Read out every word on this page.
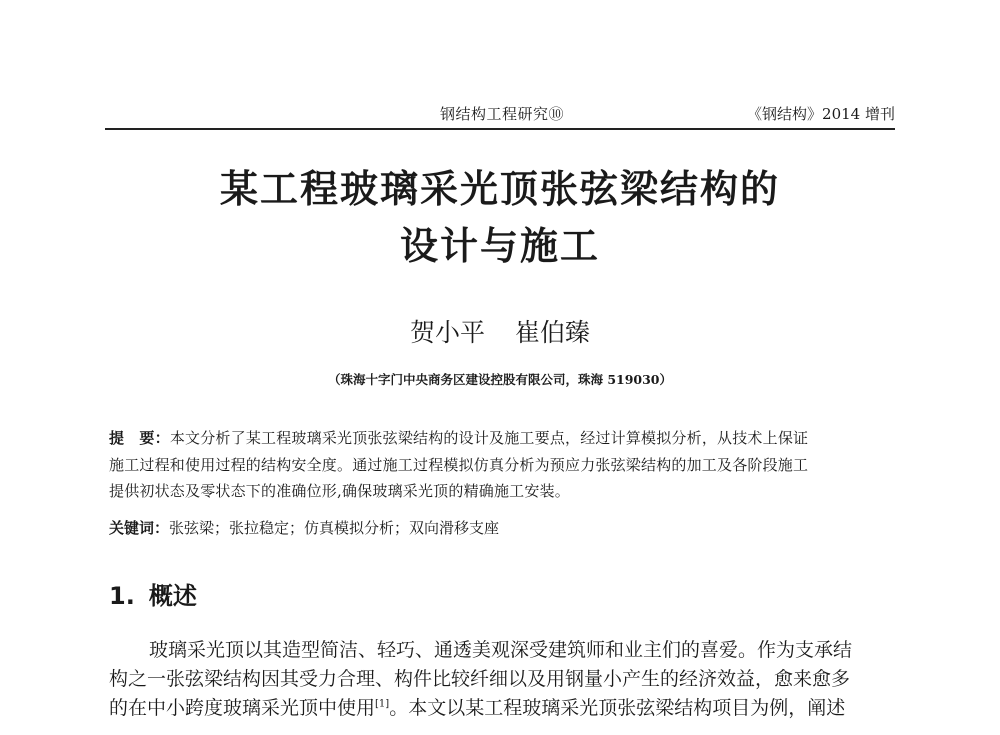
钢结构工程研究⑩	《钢结构》2014 增刊
某工程玻璃采光顶张弦梁结构的
设计与施工
贺小平 崔伯臻
（珠海十字门中央商务区建设控股有限公司，珠海 519030）
提　要：本文分析了某工程玻璃采光顶张弦梁结构的设计及施工要点，经过计算模拟分析，从技术上保证
施工过程和使用过程的结构安全度。通过施工过程模拟仿真分析为预应力张弦梁结构的加工及各阶段施工
提供初状态及零状态下的准确位形,确保玻璃采光顶的精确施工安装。
关键词：张弦梁；张拉稳定；仿真模拟分析；双向滑移支座
1. 概述
玻璃采光顶以其造型简洁、轻巧、通透美观深受建筑师和业主们的喜爱。作为支承结
构之一张弦梁结构因其受力合理、构件比较纤细以及用钢量小产生的经济效益，愈来愈多
的在中小跨度玻璃采光顶中使用[1]。本文以某工程玻璃采光顶张弦梁结构项目为例，阐述
